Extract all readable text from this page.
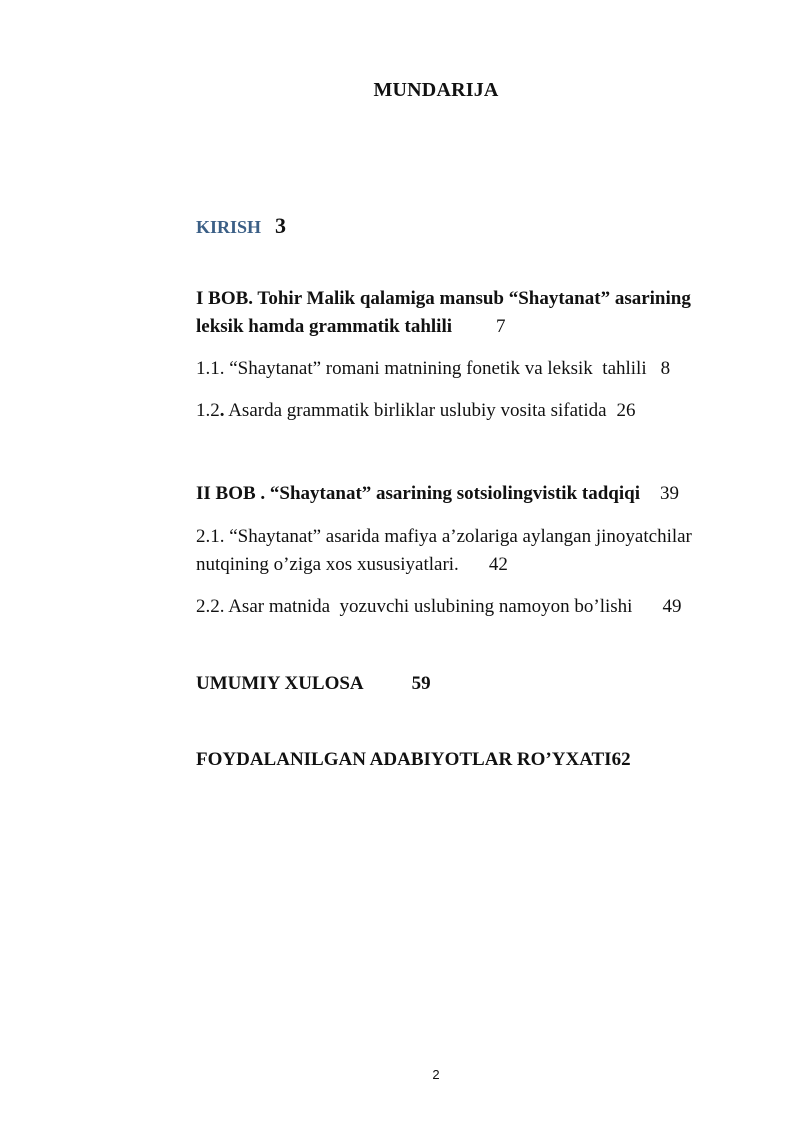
MUNDARIJA

KIRISH 3

I BOB. Tohir Malik qalamiga mansub “Shaytanat” asarining

leksik hamda grammatik tahlili 7

1.1. “Shaytanat” romani matnining fonetik va leksik  tahlili 8

1.2. Asarda grammatik birliklar uslubiy vosita sifatida 26

II BOB . “Shaytanat” asarining sotsiolingvistik tadqiqi 39

2.1. “Shaytanat” asarida mafiya a’zolariga aylangan jinoyatchilar

nutqining o’ziga xos xususiyatlari. 42

2.2. Asar matnida  yozuvchi uslubining namoyon bo’lishi 49

UMUMIY XULOSA	59

FOYDALANILGAN ADABIYOTLAR RO’YXATI62

2
